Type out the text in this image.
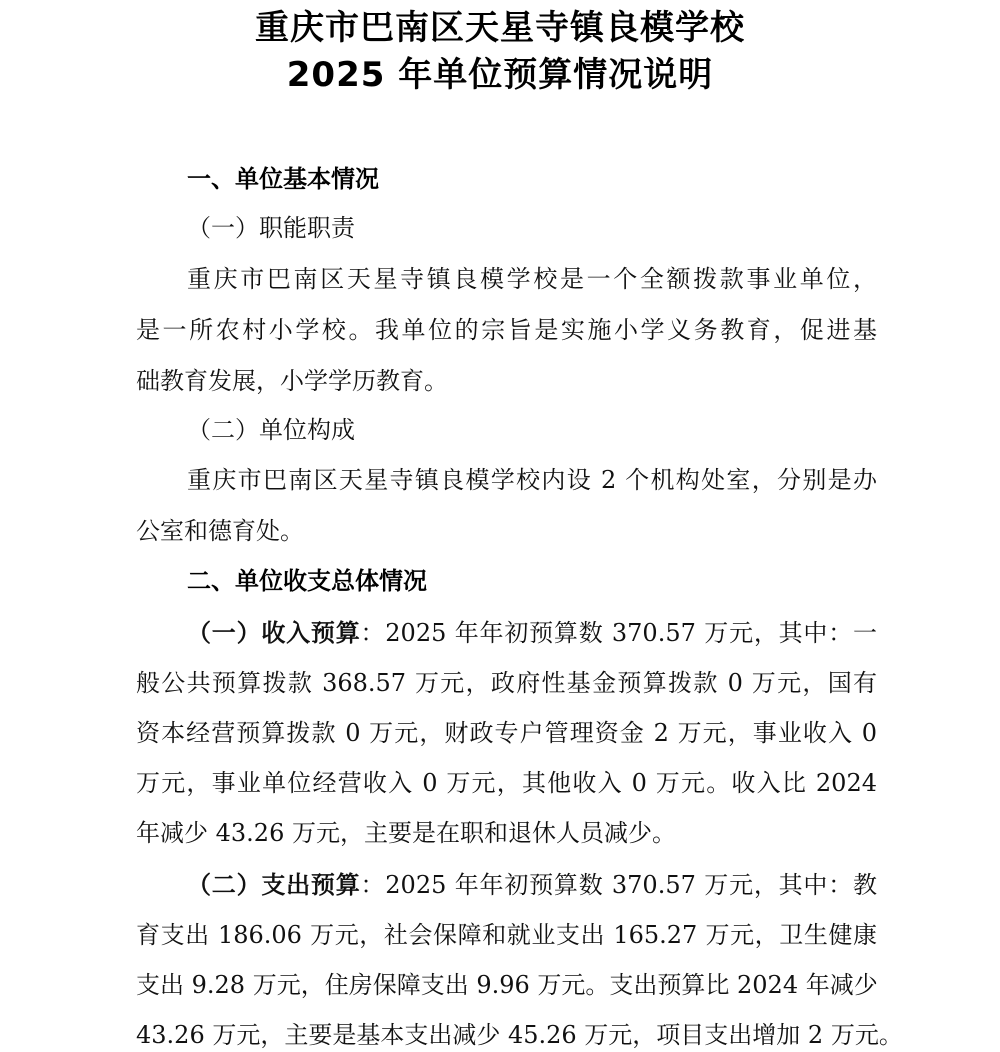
重庆市巴南区天星寺镇良模学校
2025 年单位预算情况说明
一、单位基本情况
（一）职能职责
重庆市巴南区天星寺镇良模学校是一个全额拨款事业单位，
是一所农村小学校。我单位的宗旨是实施小学义务教育，促进基
础教育发展，小学学历教育。
（二）单位构成
重庆市巴南区天星寺镇良模学校内设 2 个机构处室，分别是办
公室和德育处。
二、单位收支总体情况
（一）收入预算：2025 年年初预算数 370.57 万元，其中：一
般公共预算拨款 368.57 万元，政府性基金预算拨款 0 万元，国有
资本经营预算拨款 0 万元，财政专户管理资金 2 万元，事业收入 0
万元，事业单位经营收入 0 万元，其他收入 0 万元。收入比 2024
年减少 43.26 万元，主要是在职和退休人员减少。
（二）支出预算：2025 年年初预算数 370.57 万元，其中：教
育支出 186.06 万元，社会保障和就业支出 165.27 万元，卫生健康
支出 9.28 万元，住房保障支出 9.96 万元。支出预算比 2024 年减少
43.26 万元，主要是基本支出减少 45.26 万元，项目支出增加 2 万元。
